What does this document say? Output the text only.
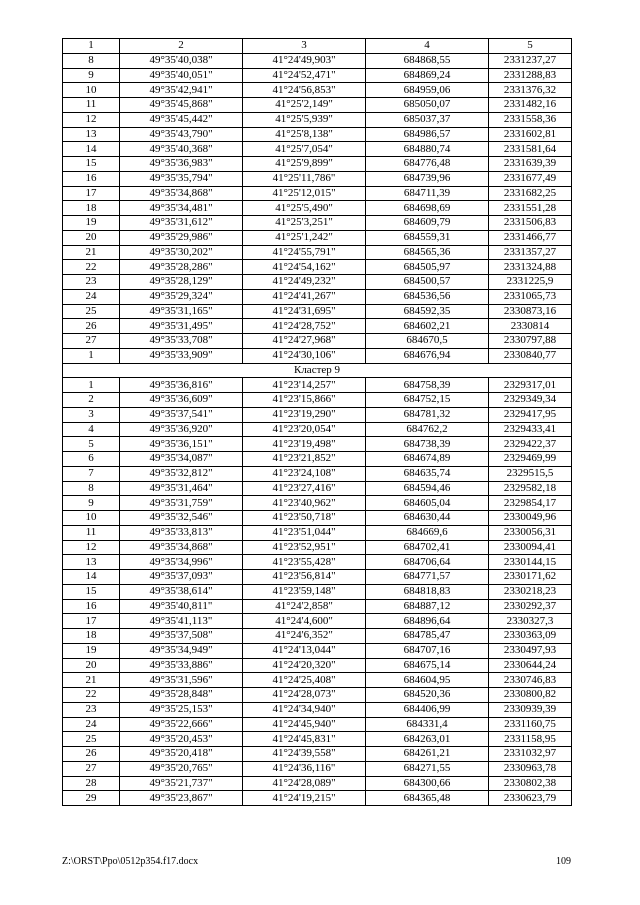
1	2	3	4	5
8	49°35'40,038"	41°24'49,903"	684868,55	2331237,27
9	49°35'40,051"	41°24'52,471"	684869,24	2331288,83
10	49°35'42,941"	41°24'56,853"	684959,06	2331376,32
11	49°35'45,868"	41°25'2,149"	685050,07	2331482,16
12	49°35'45,442"	41°25'5,939"	685037,37	2331558,36
13	49°35'43,790"	41°25'8,138"	684986,57	2331602,81
14	49°35'40,368"	41°25'7,054"	684880,74	2331581,64
15	49°35'36,983"	41°25'9,899"	684776,48	2331639,39
16	49°35'35,794"	41°25'11,786"	684739,96	2331677,49
17	49°35'34,868"	41°25'12,015"	684711,39	2331682,25
18	49°35'34,481"	41°25'5,490"	684698,69	2331551,28
19	49°35'31,612"	41°25'3,251"	684609,79	2331506,83
20	49°35'29,986"	41°25'1,242"	684559,31	2331466,77
21	49°35'30,202"	41°24'55,791"	684565,36	2331357,27
22	49°35'28,286"	41°24'54,162"	684505,97	2331324,88
23	49°35'28,129"	41°24'49,232"	684500,57	2331225,9
24	49°35'29,324"	41°24'41,267"	684536,56	2331065,73
25	49°35'31,165"	41°24'31,695"	684592,35	2330873,16
26	49°35'31,495"	41°24'28,752"	684602,21	2330814
27	49°35'33,708"	41°24'27,968"	684670,5	2330797,88
1	49°35'33,909"	41°24'30,106"	684676,94	2330840,77
Кластер 9				
1	49°35'36,816"	41°23'14,257"	684758,39	2329317,01
2	49°35'36,609"	41°23'15,866"	684752,15	2329349,34
3	49°35'37,541"	41°23'19,290"	684781,32	2329417,95
4	49°35'36,920"	41°23'20,054"	684762,2	2329433,41
5	49°35'36,151"	41°23'19,498"	684738,39	2329422,37
6	49°35'34,087"	41°23'21,852"	684674,89	2329469,99
7	49°35'32,812"	41°23'24,108"	684635,74	2329515,5
8	49°35'31,464"	41°23'27,416"	684594,46	2329582,18
9	49°35'31,759"	41°23'40,962"	684605,04	2329854,17
10	49°35'32,546"	41°23'50,718"	684630,44	2330049,96
11	49°35'33,813"	41°23'51,044"	684669,6	2330056,31
12	49°35'34,868"	41°23'52,951"	684702,41	2330094,41
13	49°35'34,996"	41°23'55,428"	684706,64	2330144,15
14	49°35'37,093"	41°23'56,814"	684771,57	2330171,62
15	49°35'38,614"	41°23'59,148"	684818,83	2330218,23
16	49°35'40,811"	41°24'2,858"	684887,12	2330292,37
17	49°35'41,113"	41°24'4,600"	684896,64	2330327,3
18	49°35'37,508"	41°24'6,352"	684785,47	2330363,09
19	49°35'34,949"	41°24'13,044"	684707,16	2330497,93
20	49°35'33,886"	41°24'20,320"	684675,14	2330644,24
21	49°35'31,596"	41°24'25,408"	684604,95	2330746,83
22	49°35'28,848"	41°24'28,073"	684520,36	2330800,82
23	49°35'25,153"	41°24'34,940"	684406,99	2330939,39
24	49°35'22,666"	41°24'45,940"	684331,4	2331160,75
25	49°35'20,453"	41°24'45,831"	684263,01	2331158,95
26	49°35'20,418"	41°24'39,558"	684261,21	2331032,97
27	49°35'20,765"	41°24'36,116"	684271,55	2330963,78
28	49°35'21,737"	41°24'28,089"	684300,66	2330802,38
29	49°35'23,867"	41°24'19,215"	684365,48	2330623,79
Z:\ORST\Ppo\0512p354.f17.docx	109
